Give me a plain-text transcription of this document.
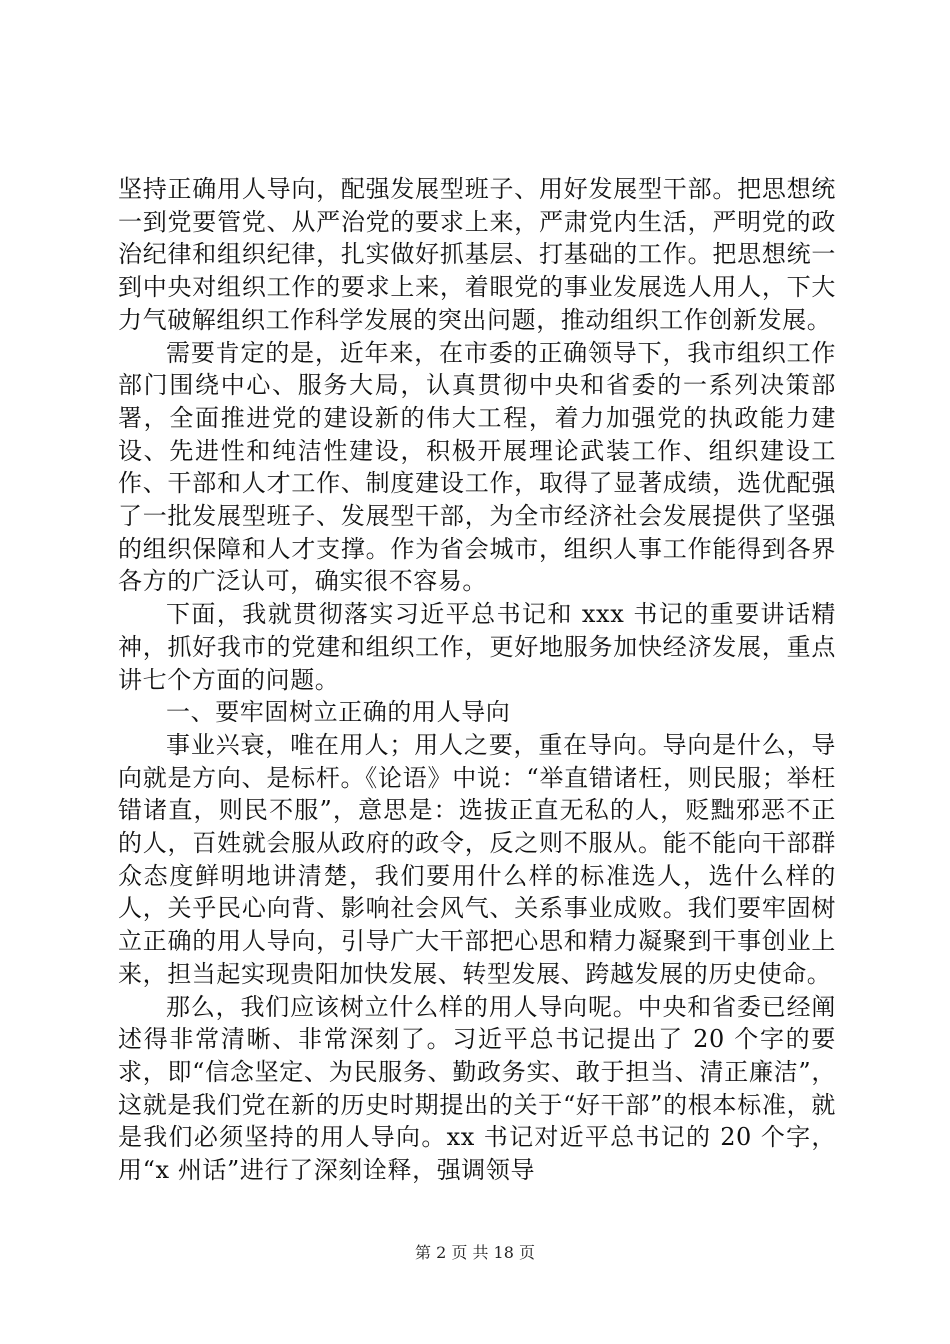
坚持正确用人导向，配强发展型班子、用好发展型干部。把思想统一到党要管党、从严治党的要求上来，严肃党内生活，严明党的政治纪律和组织纪律，扎实做好抓基层、打基础的工作。把思想统一到中央对组织工作的要求上来，着眼党的事业发展选人用人，下大力气破解组织工作科学发展的突出问题，推动组织工作创新发展。

需要肯定的是，近年来，在市委的正确领导下，我市组织工作部门围绕中心、服务大局，认真贯彻中央和省委的一系列决策部署，全面推进党的建设新的伟大工程，着力加强党的执政能力建设、先进性和纯洁性建设，积极开展理论武装工作、组织建设工作、干部和人才工作、制度建设工作，取得了显著成绩，选优配强了一批发展型班子、发展型干部，为全市经济社会发展提供了坚强的组织保障和人才支撑。作为省会城市，组织人事工作能得到各界各方的广泛认可，确实很不容易。

下面，我就贯彻落实习近平总书记和 xxx 书记的重要讲话精神，抓好我市的党建和组织工作，更好地服务加快经济发展，重点讲七个方面的问题。

一、要牢固树立正确的用人导向

事业兴衰，唯在用人；用人之要，重在导向。导向是什么，导向就是方向、是标杆。《论语》中说：“举直错诸枉，则民服；举枉错诸直，则民不服”，意思是：选拔正直无私的人，贬黜邪恶不正的人，百姓就会服从政府的政令，反之则不服从。能不能向干部群众态度鲜明地讲清楚，我们要用什么样的标准选人，选什么样的人，关乎民心向背、影响社会风气、关系事业成败。我们要牢固树立正确的用人导向，引导广大干部把心思和精力凝聚到干事创业上来，担当起实现贵阳加快发展、转型发展、跨越发展的历史使命。

那么，我们应该树立什么样的用人导向呢。中央和省委已经阐述得非常清晰、非常深刻了。习近平总书记提出了 20 个字的要求，即“信念坚定、为民服务、勤政务实、敢于担当、清正廉洁”，这就是我们党在新的历史时期提出的关于“好干部”的根本标准，就是我们必须坚持的用人导向。xx 书记对近平总书记的 20 个字，用“x 州话”进行了深刻诠释，强调领导

第 2 页 共 18 页
